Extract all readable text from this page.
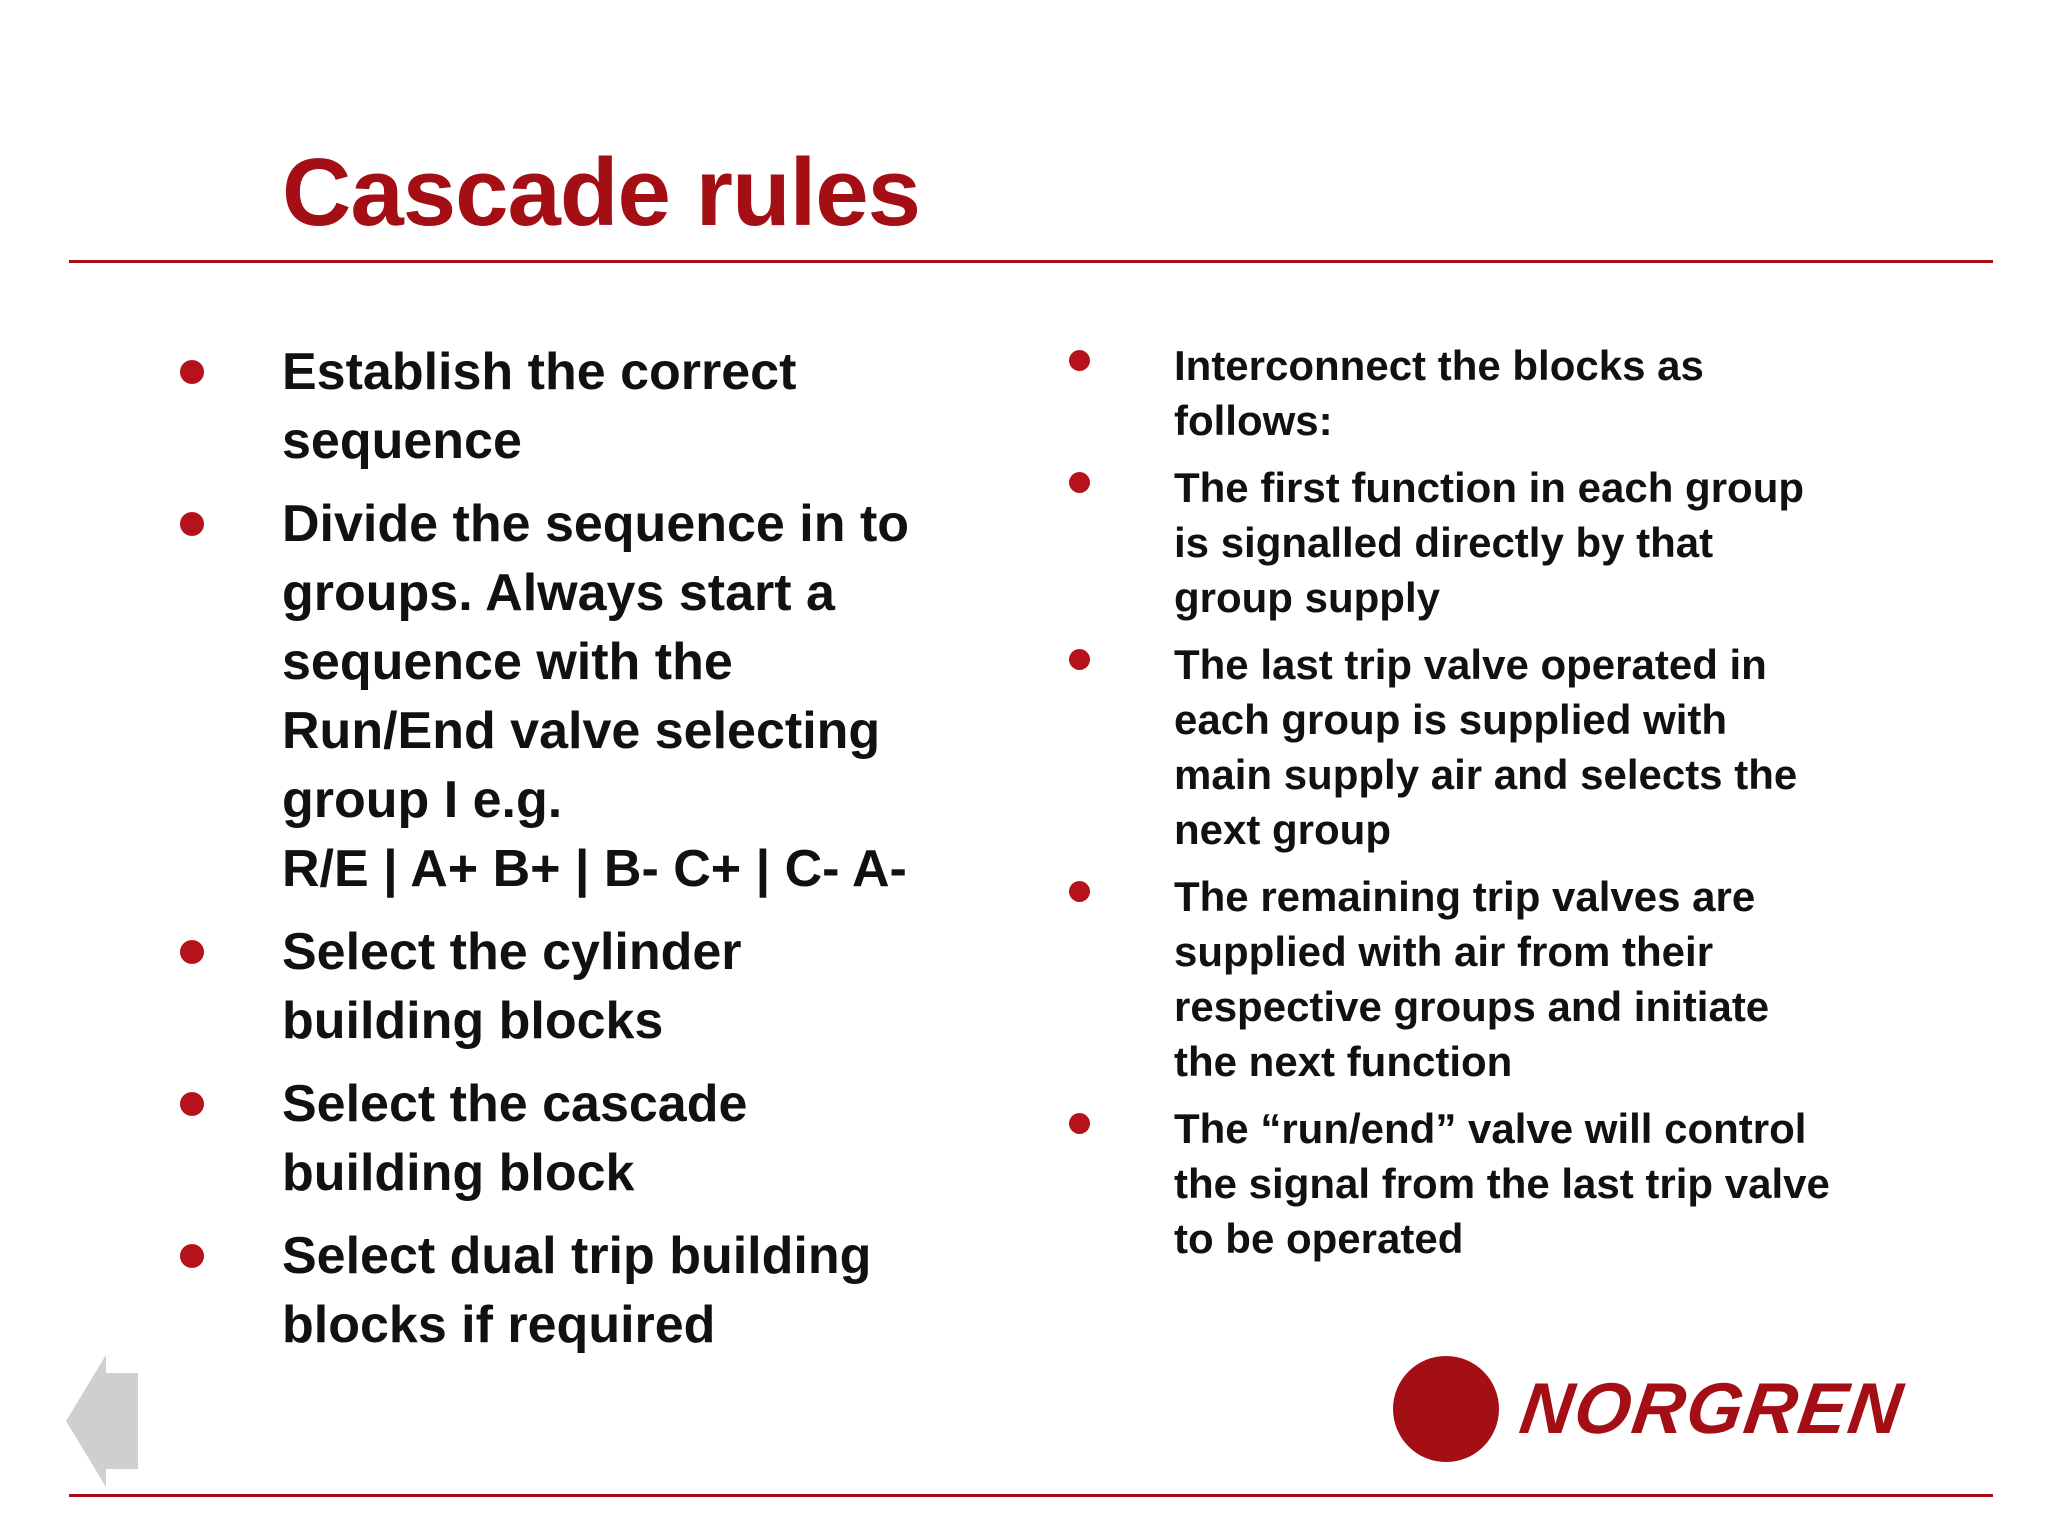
Cascade rules
Establish the correct
sequence
Divide the sequence in to
groups. Always start a
sequence with the
Run/End valve selecting
group I e.g.
R/E | A+ B+ | B- C+ | C- A-
Select the cylinder
building blocks
Select the cascade
building block
Select dual trip building
blocks if required
Interconnect the blocks as
follows:
The first function in each group
is signalled directly by that
group supply
The last trip valve operated in
each group is supplied with
main supply air and selects the
next group
The remaining trip valves are
supplied with air from their
respective groups and initiate
the next function
The “run/end” valve will control
the signal from the last trip valve
to be operated
NORGREN
